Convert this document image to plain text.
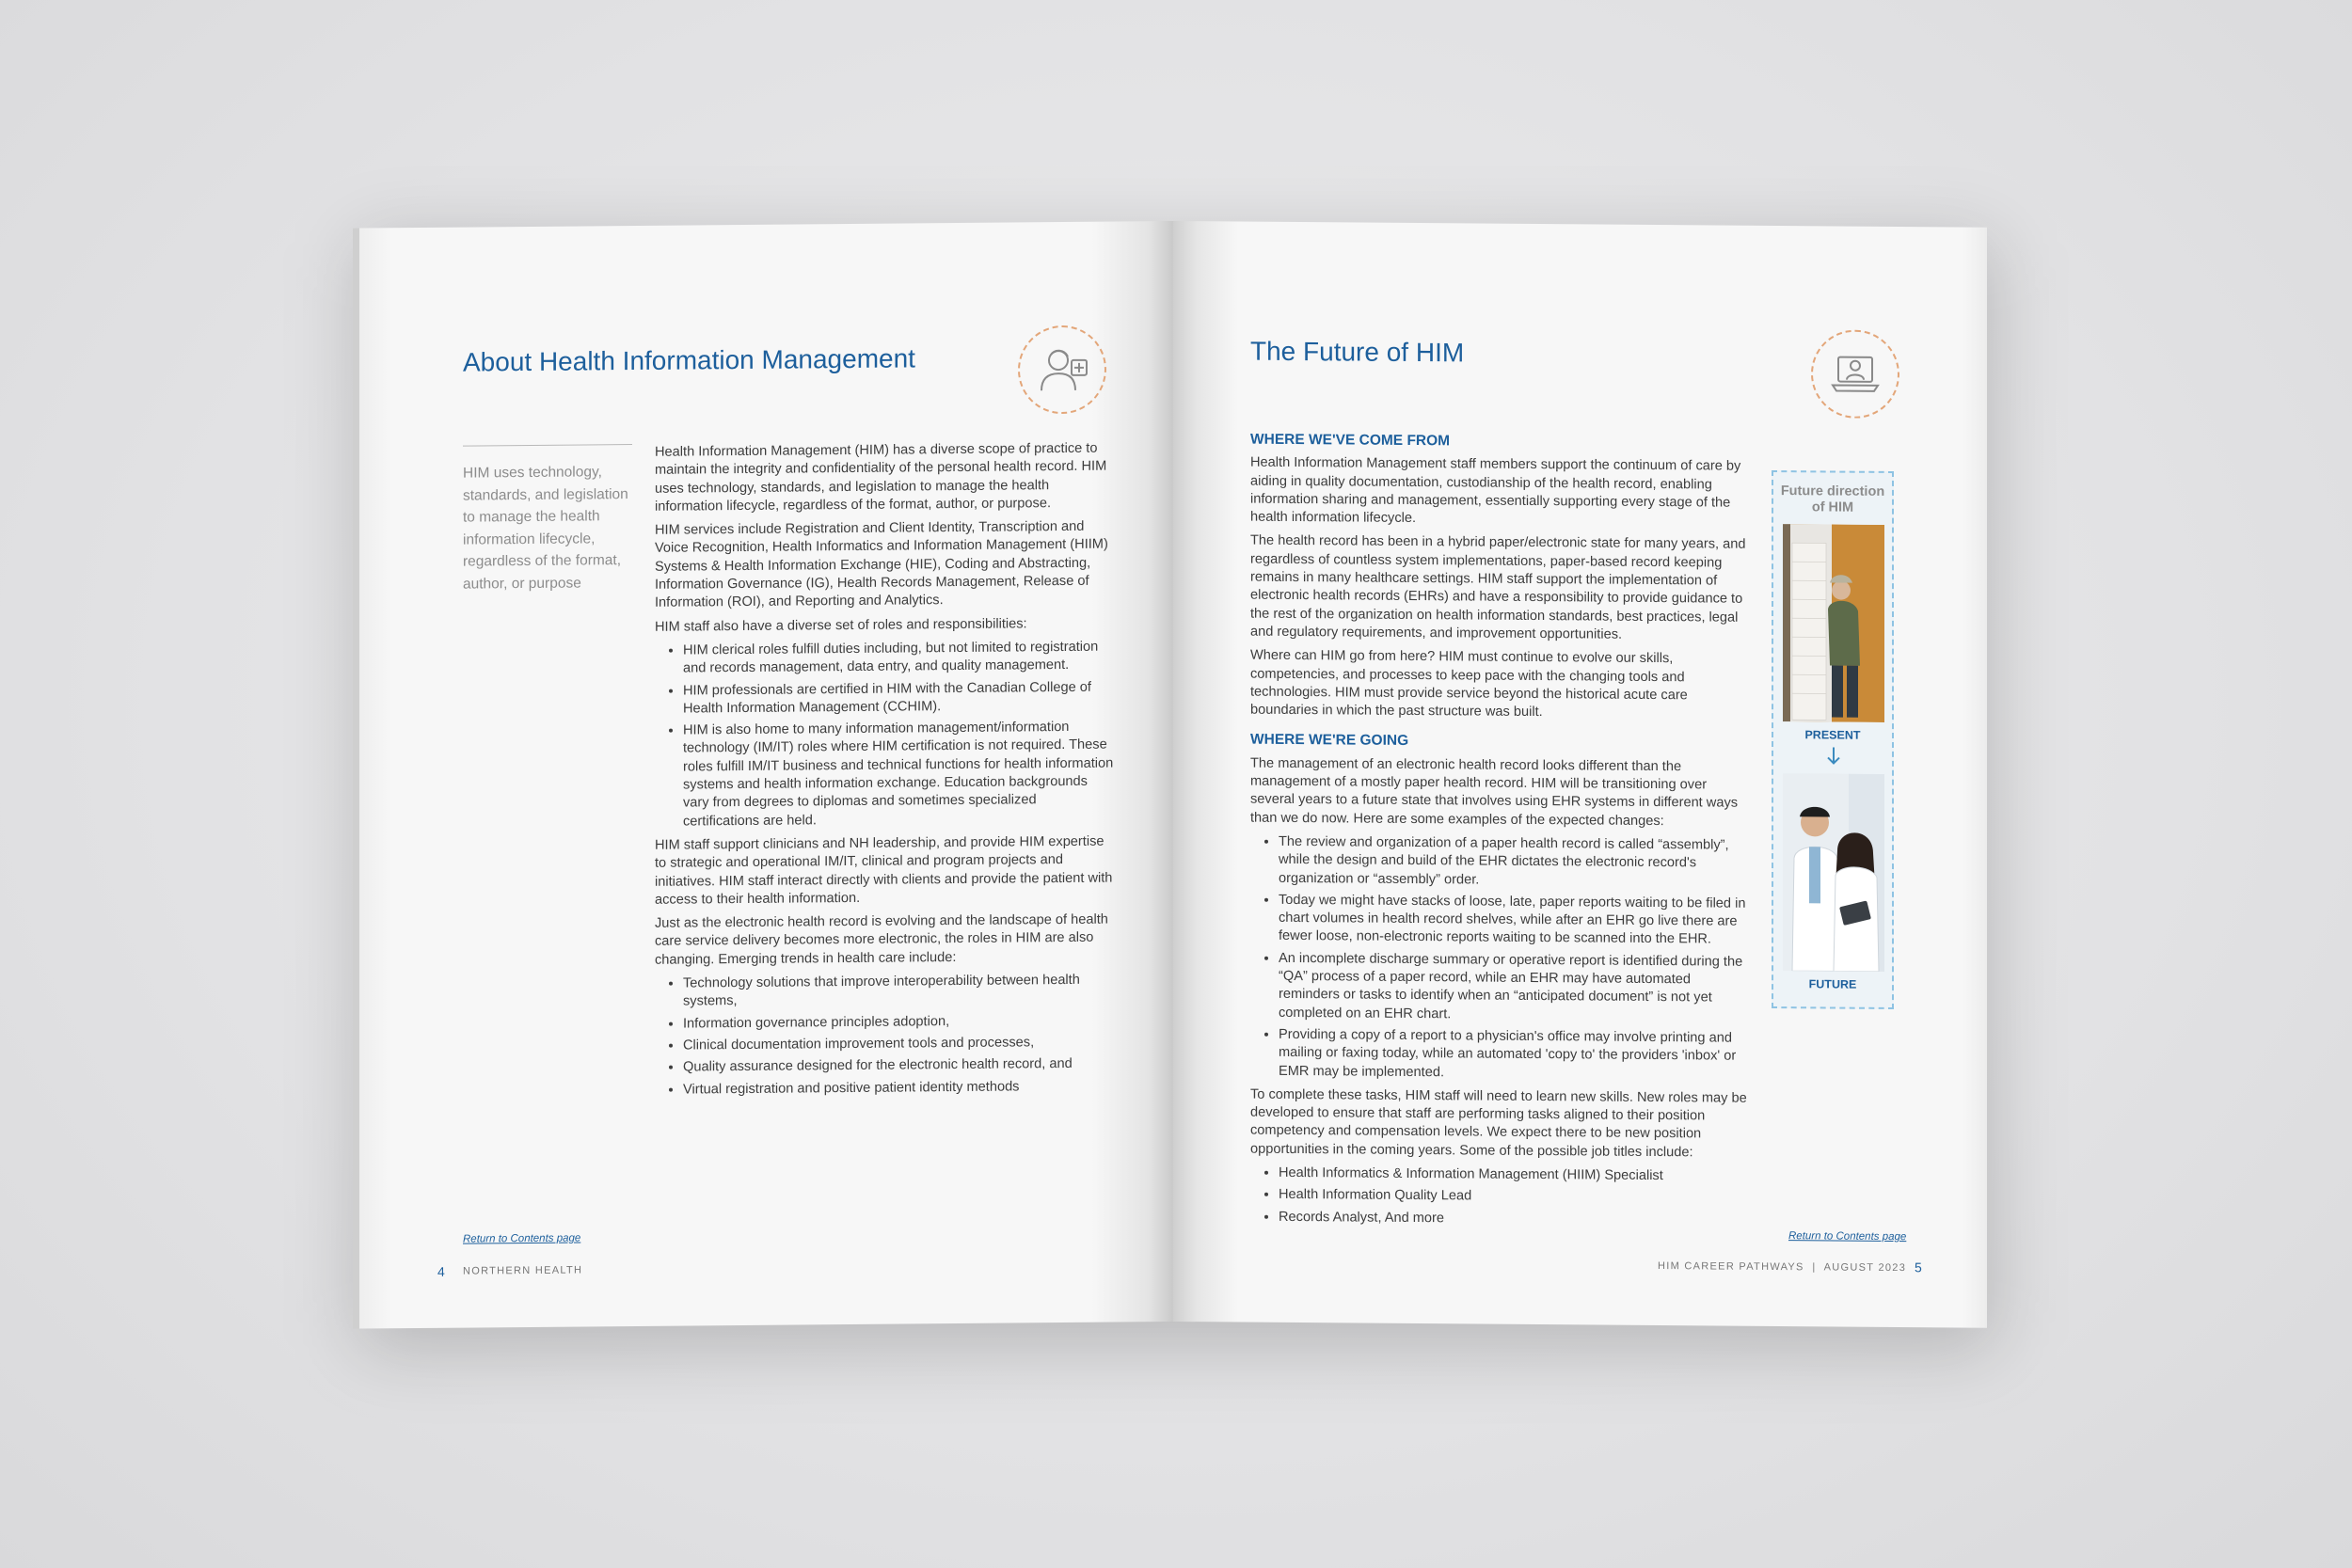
About Health Information Management
HIM uses technology, standards, and legislation to manage the health information lifecycle, regardless of the format, author, or purpose

Health Information Management (HIM) has a diverse scope of practice to maintain the integrity and confidentiality of the personal health record. HIM uses technology, standards, and legislation to manage the health information lifecycle, regardless of the format, author, or purpose.

HIM services include Registration and Client Identity, Transcription and Voice Recognition, Health Informatics and Information Management (HIIM) Systems & Health Information Exchange (HIE), Coding and Abstracting, Information Governance (IG), Health Records Management, Release of Information (ROI), and Reporting and Analytics.

HIM staff also have a diverse set of roles and responsibilities:

• HIM clerical roles fulfill duties including, but not limited to registration and records management, data entry, and quality management.
• HIM professionals are certified in HIM with the Canadian College of Health Information Management (CCHIM).
• HIM is also home to many information management/information technology (IM/IT) roles where HIM certification is not required. These roles fulfill IM/IT business and technical functions for health information systems and health information exchange. Education backgrounds vary from degrees to diplomas and sometimes specialized certifications are held.

HIM staff support clinicians and NH leadership, and provide HIM expertise to strategic and operational IM/IT, clinical and program projects and initiatives. HIM staff interact directly with clients and provide the patient with access to their health information.

Just as the electronic health record is evolving and the landscape of health care service delivery becomes more electronic, the roles in HIM are also changing. Emerging trends in health care include:

• Technology solutions that improve interoperability between health systems,
• Information governance principles adoption,
• Clinical documentation improvement tools and processes,
• Quality assurance designed for the electronic health record, and
• Virtual registration and positive patient identity methods
Return to Contents page
4 NORTHERN HEALTH
The Future of HIM
WHERE WE'VE COME FROM

Health Information Management staff members support the continuum of care by aiding in quality documentation, custodianship of the health record, enabling information sharing and management, essentially supporting every stage of the health information lifecycle.

The health record has been in a hybrid paper/electronic state for many years, and regardless of countless system implementations, paper-based record keeping remains in many healthcare settings. HIM staff support the implementation of electronic health records (EHRs) and have a responsibility to provide guidance to the rest of the organization on health information standards, best practices, legal and regulatory requirements, and improvement opportunities.

Where can HIM go from here? HIM must continue to evolve our skills, competencies, and processes to keep pace with the changing tools and technologies. HIM must provide service beyond the historical acute care boundaries in which the past structure was built.

WHERE WE'RE GOING

The management of an electronic health record looks different than the management of a mostly paper health record. HIM will be transitioning over several years to a future state that involves using EHR systems in different ways than we do now. Here are some examples of the expected changes:

• The review and organization of a paper health record is called “assembly”, while the design and build of the EHR dictates the electronic record's organization or “assembly” order.
• Today we might have stacks of loose, late, paper reports waiting to be filed in chart volumes in health record shelves, while after an EHR go live there are fewer loose, non-electronic reports waiting to be scanned into the EHR.
• An incomplete discharge summary or operative report is identified during the “QA” process of a paper record, while an EHR may have automated reminders or tasks to identify when an “anticipated document” is not yet completed on an EHR chart.
• Providing a copy of a report to a physician's office may involve printing and mailing or faxing today, while an automated 'copy to' the providers 'inbox' or EMR may be implemented.

To complete these tasks, HIM staff will need to learn new skills. New roles may be developed to ensure that staff are performing tasks aligned to their position competency and compensation levels. We expect there to be new position opportunities in the coming years. Some of the possible job titles include:

• Health Informatics & Information Management (HIIM) Specialist
• Health Information Quality Lead
• Records Analyst, And more
Future direction of HIM
PRESENT
FUTURE
Return to Contents page
HIM CAREER PATHWAYS  |  AUGUST 2023 5
